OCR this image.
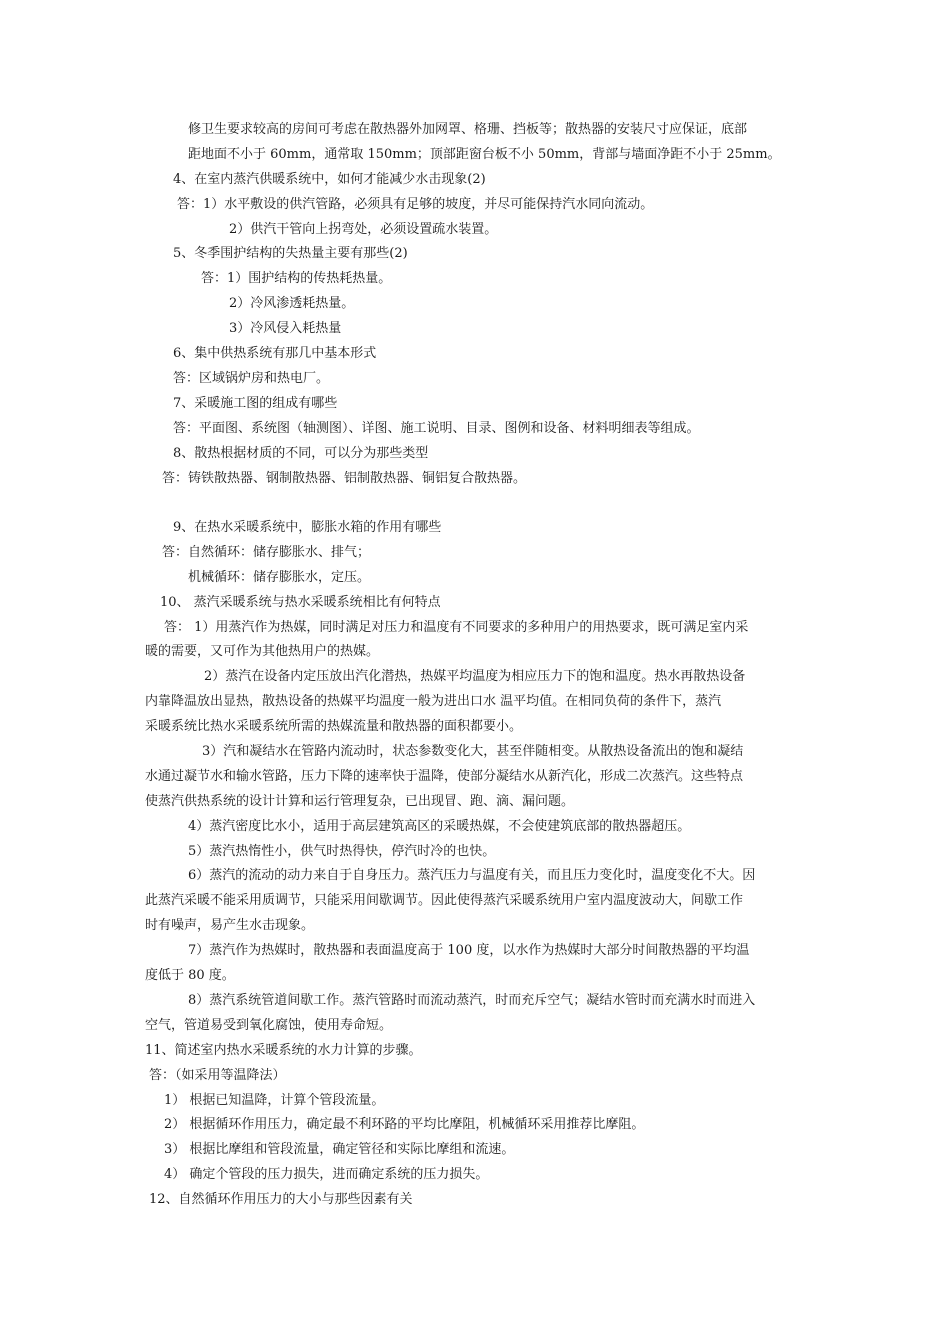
修卫生要求较高的房间可考虑在散热器外加网罩、格珊、挡板等；散热器的安装尺寸应保证，底部
距地面不小于 60mm，通常取 150mm；顶部距窗台板不小 50mm，背部与墙面净距不小于 25mm。
4、在室内蒸汽供暖系统中，如何才能减少水击现象(2)
答：1）水平敷设的供汽管路，必须具有足够的坡度，并尽可能保持汽水同向流动。
2）供汽干管向上拐弯处，必须设置疏水装置。
5、冬季围护结构的失热量主要有那些(2)
答：1）围护结构的传热耗热量。
2）冷风渗透耗热量。
3）冷风侵入耗热量
6、集中供热系统有那几中基本形式
答：区域锅炉房和热电厂。
7、采暖施工图的组成有哪些
答：平面图、系统图（轴测图）、详图、施工说明、目录、图例和设备、材料明细表等组成。
8、散热根据材质的不同，可以分为那些类型
答：铸铁散热器、钢制散热器、铝制散热器、铜铝复合散热器。
9、在热水采暖系统中，膨胀水箱的作用有哪些
答：自然循环：储存膨胀水、排气；
机械循环：储存膨胀水，定压。
10、 蒸汽采暖系统与热水采暖系统相比有何特点
答： 1）用蒸汽作为热媒，同时满足对压力和温度有不同要求的多种用户的用热要求，既可满足室内采
暖的需要，又可作为其他热用户的热媒。
2）蒸汽在设备内定压放出汽化潜热，热媒平均温度为相应压力下的饱和温度。热水再散热设备
内靠降温放出显热，散热设备的热媒平均温度一般为进出口水 温平均值。在相同负荷的条件下，蒸汽
采暖系统比热水采暖系统所需的热媒流量和散热器的面积都要小。
3）汽和凝结水在管路内流动时，状态参数变化大，甚至伴随相变。从散热设备流出的饱和凝结
水通过凝节水和输水管路，压力下降的速率快于温降，使部分凝结水从新汽化，形成二次蒸汽。这些特点
使蒸汽供热系统的设计计算和运行管理复杂，已出现冒、跑、滴、漏问题。
4）蒸汽密度比水小，适用于高层建筑高区的采暖热媒，不会使建筑底部的散热器超压。
5）蒸汽热惰性小，供气时热得快，停汽时冷的也快。
6）蒸汽的流动的动力来自于自身压力。蒸汽压力与温度有关，而且压力变化时，温度变化不大。因
此蒸汽采暖不能采用质调节，只能采用间歇调节。因此使得蒸汽采暖系统用户室内温度波动大，间歇工作
时有噪声，易产生水击现象。
7）蒸汽作为热媒时，散热器和表面温度高于 100 度，以水作为热媒时大部分时间散热器的平均温
度低于 80 度。
8）蒸汽系统管道间歇工作。蒸汽管路时而流动蒸汽，时而充斥空气；凝结水管时而充满水时而进入
空气，管道易受到氧化腐蚀，使用寿命短。
11、简述室内热水采暖系统的水力计算的步骤。
答：（如采用等温降法）
1） 根据已知温降，计算个管段流量。
2） 根据循环作用压力，确定最不利环路的平均比摩阻，机械循环采用推荐比摩阻。
3） 根据比摩组和管段流量，确定管径和实际比摩组和流速。
4） 确定个管段的压力损失，进而确定系统的压力损失。
12、自然循环作用压力的大小与那些因素有关
